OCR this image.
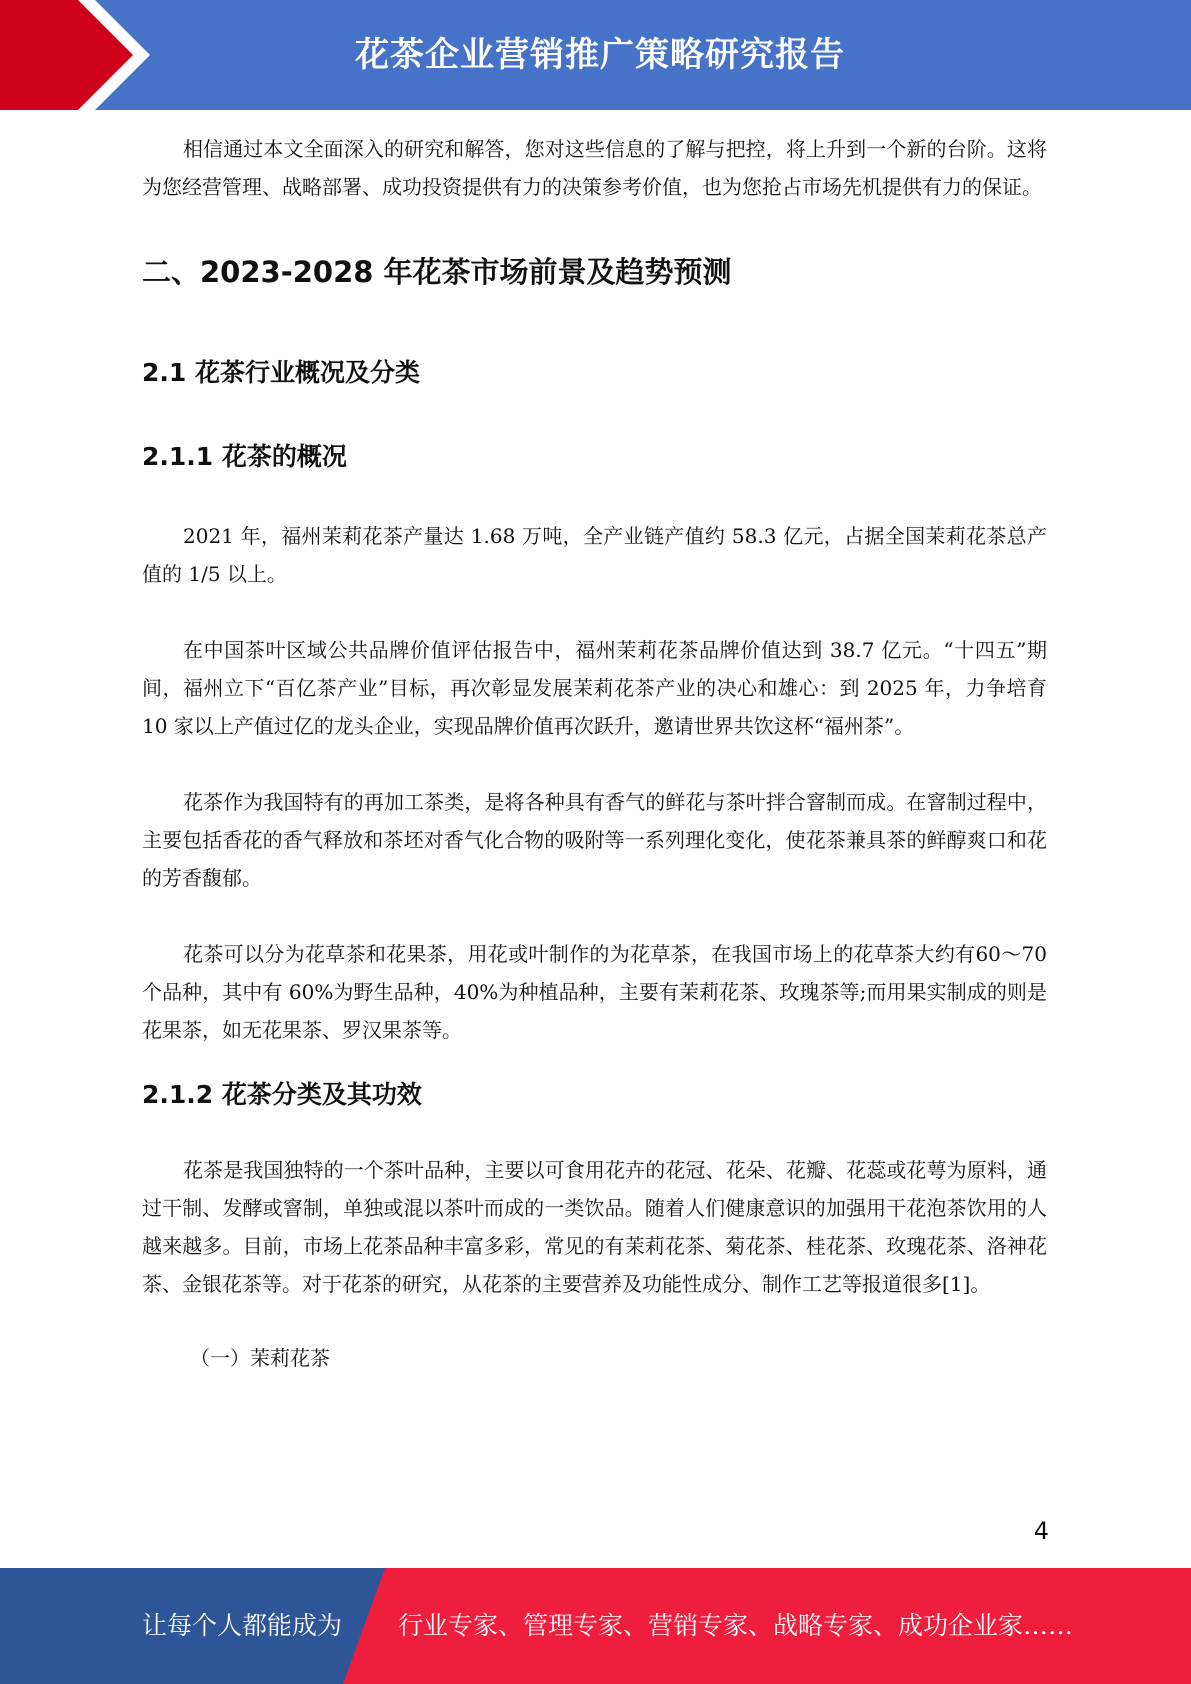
花茶企业营销推广策略研究报告

相信通过本文全面深入的研究和解答，您对这些信息的了解与把控，将上升到一个新的台阶。这将为您经营管理、战略部署、成功投资提供有力的决策参考价值，也为您抢占市场先机提供有力的保证。

二、2023-2028 年花茶市场前景及趋势预测
2.1 花茶行业概况及分类
2.1.1 花茶的概况

2021 年，福州茉莉花茶产量达 1.68 万吨，全产业链产值约 58.3 亿元，占据全国茉莉花茶总产值的 1/5 以上。

在中国茶叶区域公共品牌价值评估报告中，福州茉莉花茶品牌价值达到 38.7 亿元。“十四五”期间，福州立下“百亿茶产业”目标，再次彰显发展茉莉花茶产业的决心和雄心：到 2025 年，力争培育 10 家以上产值过亿的龙头企业，实现品牌价值再次跃升，邀请世界共饮这杯“福州茶”。

花茶作为我国特有的再加工茶类，是将各种具有香气的鲜花与茶叶拌合窨制而成。在窨制过程中，主要包括香花的香气释放和茶坯对香气化合物的吸附等一系列理化变化，使花茶兼具茶的鲜醇爽口和花的芳香馥郁。

花茶可以分为花草茶和花果茶，用花或叶制作的为花草茶，在我国市场上的花草茶大约有60～70 个品种，其中有 60%为野生品种，40%为种植品种，主要有茉莉花茶、玫瑰茶等;而用果实制成的则是花果茶，如无花果茶、罗汉果茶等。

2.1.2 花茶分类及其功效

花茶是我国独特的一个茶叶品种，主要以可食用花卉的花冠、花朵、花瓣、花蕊或花萼为原料，通过干制、发酵或窨制，单独或混以茶叶而成的一类饮品。随着人们健康意识的加强用干花泡茶饮用的人越来越多。目前，市场上花茶品种丰富多彩，常见的有茉莉花茶、菊花茶、桂花茶、玫瑰花茶、洛神花茶、金银花茶等。对于花茶的研究，从花茶的主要营养及功能性成分、制作工艺等报道很多[1]。

（一）茉莉花茶

4
让每个人都能成为 行业专家、管理专家、营销专家、战略专家、成功企业家……
